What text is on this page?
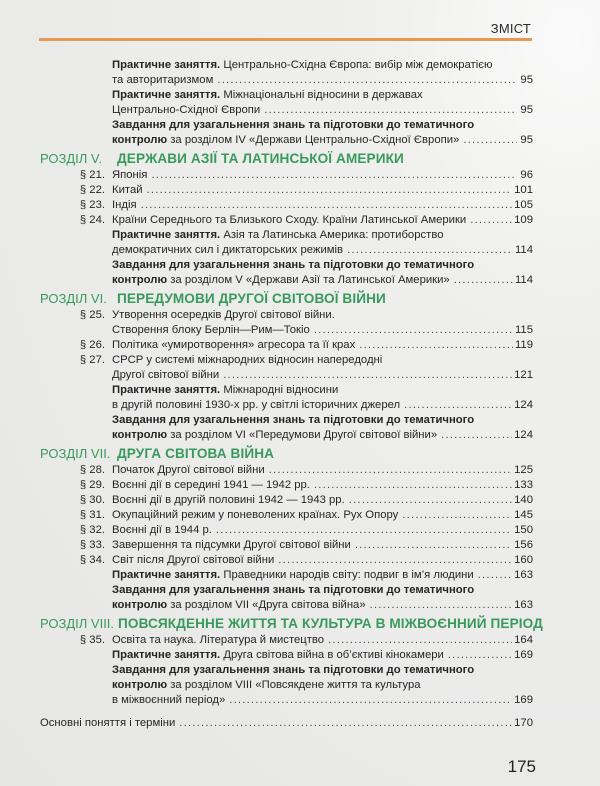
ЗМІСТ
Практичне заняття. Центрально-Східна Європа: вибір між демократією
та авторитаризмом .....	95
Практичне заняття. Міжнаціональні відносини в державах
Центрально-Східної Європи .....	95
Завдання для узагальнення знань та підготовки до тематичного
контролю за розділом IV «Держави Центрально-Східної Європи» .....	95
РОЗДІЛ V.	ДЕРЖАВИ АЗІЇ ТА ЛАТИНСЬКОЇ АМЕРИКИ
§ 21. Японія .....	96
§ 22. Китай .....	101
§ 23. Індія .....	105
§ 24. Країни Середнього та Близького Сходу. Країни Латинської Америки .....	109
Практичне заняття. Азія та Латинська Америка: протиборство
демократичних сил і диктаторських режимів .....	114
Завдання для узагальнення знань та підготовки до тематичного
контролю за розділом V «Держави Азії та Латинської Америки» .....	114
РОЗДІЛ VI. ПЕРЕДУМОВИ ДРУГОЇ СВІТОВОЇ ВІЙНИ
§ 25. Утворення осередків Другої світової війни.
Створення блоку Берлін—Рим—Токіо .....	115
§ 26. Політика «умиротворення» агресора та її крах .....	119
§ 27. СРСР у системі міжнародних відносин напередодні
Другої світової війни .....	121
Практичне заняття. Міжнародні відносини
в другій половині 1930-х рр. у світлі історичних джерел .....	124
Завдання для узагальнення знань та підготовки до тематичного
контролю за розділом VI «Передумови Другої світової війни» .....	124
РОЗДІЛ VII. ДРУГА СВІТОВА ВІЙНА
§ 28. Початок Другої світової війни .....	125
§ 29. Воєнні дії в середині 1941 — 1942 рр. .....	133
§ 30. Воєнні дії в другій половині 1942 — 1943 рр. .....	140
§ 31. Окупаційний режим у поневолених країнах. Рух Опору .....	145
§ 32. Воєнні дії в 1944 р. .....	150
§ 33. Завершення та підсумки Другої світової війни .....	156
§ 34. Світ після Другої світової війни .....	160
Практичне заняття. Праведники народів світу: подвиг в ім’я людини .....	163
Завдання для узагальнення знань та підготовки до тематичного
контролю за розділом VII «Друга світова війна» .....	163
РОЗДІЛ VIII. ПОВСЯКДЕННЕ ЖИТТЯ ТА КУЛЬТУРА В МІЖВОЄННИЙ ПЕРІОД
§ 35. Освіта та наука. Література й мистецтво .....	164
Практичне заняття. Друга світова війна в об’єктиві кінокамери .....	169
Завдання для узагальнення знань та підготовки до тематичного
контролю за розділом VIII «Повсякдене життя та культура
в міжвоєнний період» .....	169
Основні поняття і терміни .....	170
175
